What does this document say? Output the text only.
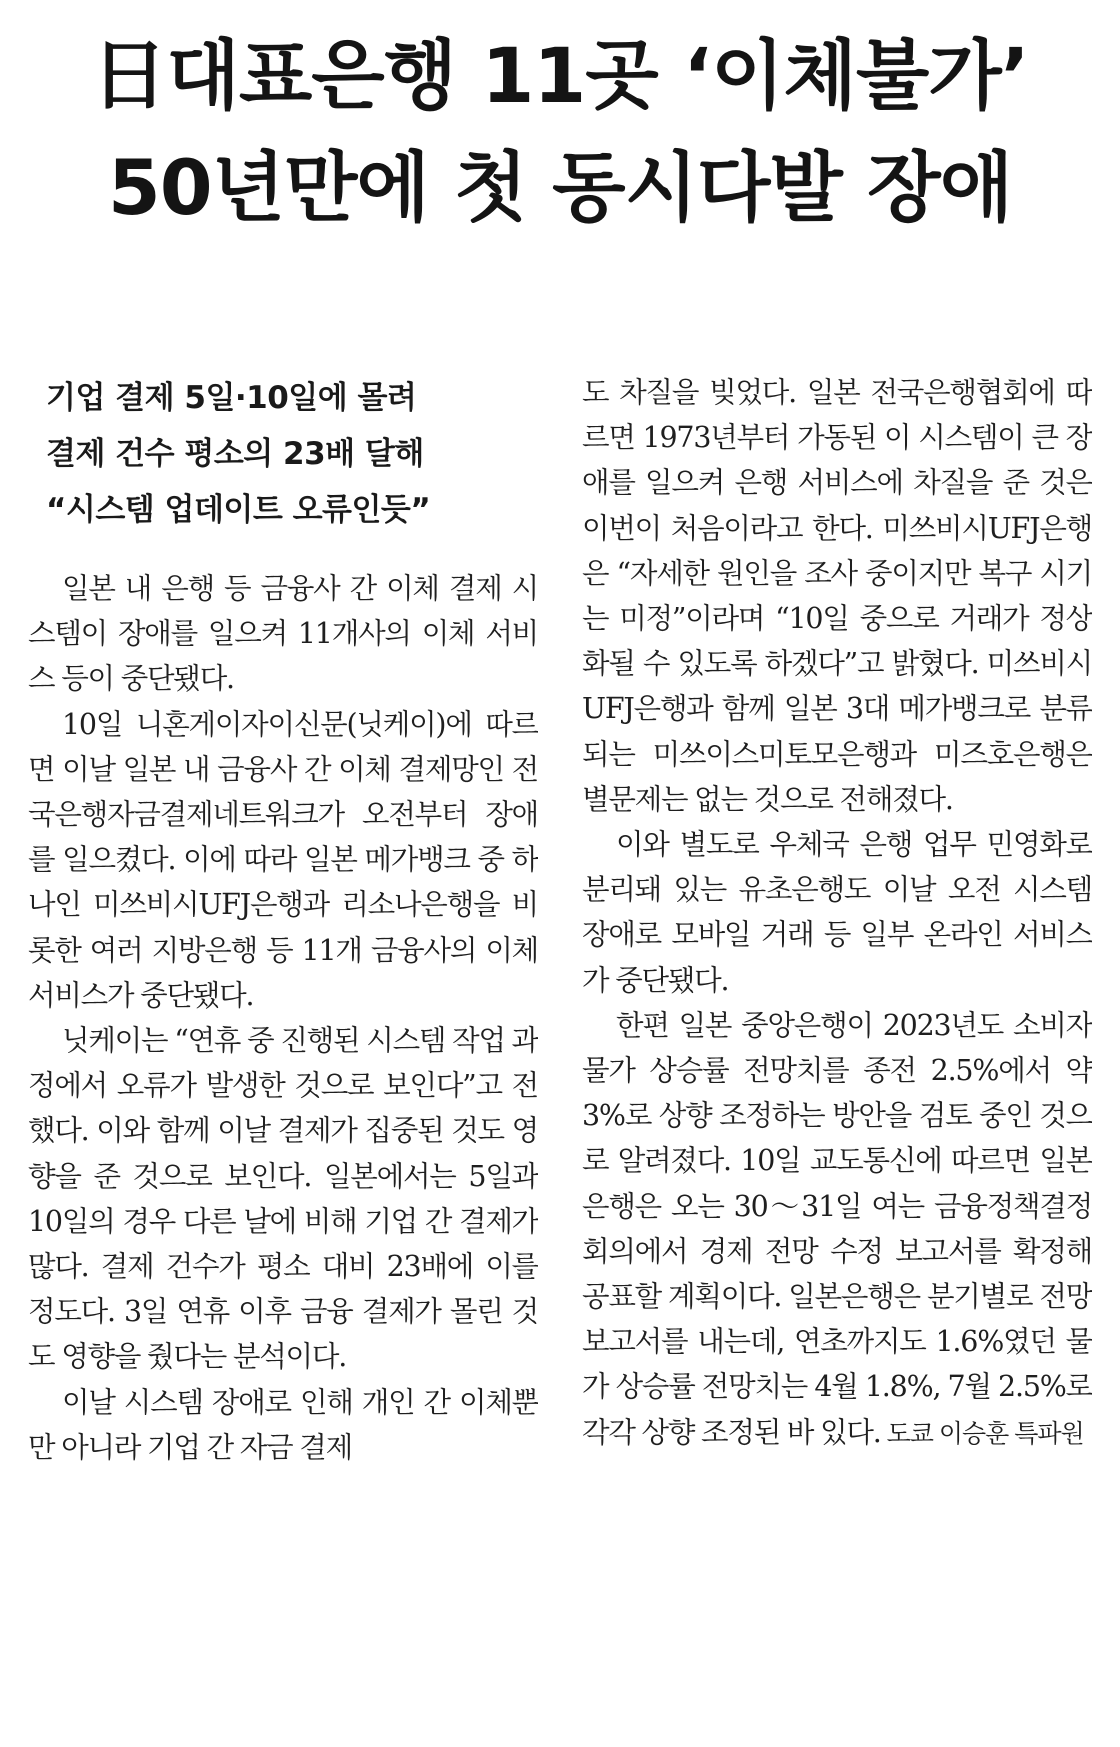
日대표은행 11곳 ‘이체불가’
50년만에 첫 동시다발 장애
기업 결제 5일·10일에 몰려
결제 건수 평소의 23배 달해
“시스템 업데이트 오류인듯”

일본 내 은행 등 금융사 간 이체 결제 시스템이 장애를 일으켜 11개사의 이체 서비스 등이 중단됐다.

10일 니혼게이자이신문(닛케이)에 따르면 이날 일본 내 금융사 간 이체 결제망인 전국은행자금결제네트워크가 오전부터 장애를 일으켰다. 이에 따라 일본 메가뱅크 중 하나인 미쓰비시UFJ은행과 리소나은행을 비롯한 여러 지방은행 등 11개 금융사의 이체 서비스가 중단됐다.

닛케이는 “연휴 중 진행된 시스템 작업 과정에서 오류가 발생한 것으로 보인다”고 전했다. 이와 함께 이날 결제가 집중된 것도 영향을 준 것으로 보인다. 일본에서는 5일과 10일의 경우 다른 날에 비해 기업 간 결제가 많다. 결제 건수가 평소 대비 23배에 이를 정도다. 3일 연휴 이후 금융 결제가 몰린 것도 영향을 줬다는 분석이다.

이날 시스템 장애로 인해 개인 간 이체뿐만 아니라 기업 간 자금 결제

도 차질을 빚었다. 일본 전국은행협회에 따르면 1973년부터 가동된 이 시스템이 큰 장애를 일으켜 은행 서비스에 차질을 준 것은 이번이 처음이라고 한다. 미쓰비시UFJ은행은 “자세한 원인을 조사 중이지만 복구 시기는 미정”이라며 “10일 중으로 거래가 정상화될 수 있도록 하겠다”고 밝혔다. 미쓰비시UFJ은행과 함께 일본 3대 메가뱅크로 분류되는 미쓰이스미토모은행과 미즈호은행은 별문제는 없는 것으로 전해졌다.

이와 별도로 우체국 은행 업무 민영화로 분리돼 있는 유초은행도 이날 오전 시스템 장애로 모바일 거래 등 일부 온라인 서비스가 중단됐다.

한편 일본 중앙은행이 2023년도 소비자물가 상승률 전망치를 종전 2.5%에서 약 3%로 상향 조정하는 방안을 검토 중인 것으로 알려졌다. 10일 교도통신에 따르면 일본은행은 오는 30～31일 여는 금융정책결정회의에서 경제 전망 수정 보고서를 확정해 공표할 계획이다. 일본은행은 분기별로 전망 보고서를 내는데, 연초까지도 1.6%였던 물가 상승률 전망치는 4월 1.8%, 7월 2.5%로 각각 상향 조정된 바 있다. 도쿄 이승훈 특파원
